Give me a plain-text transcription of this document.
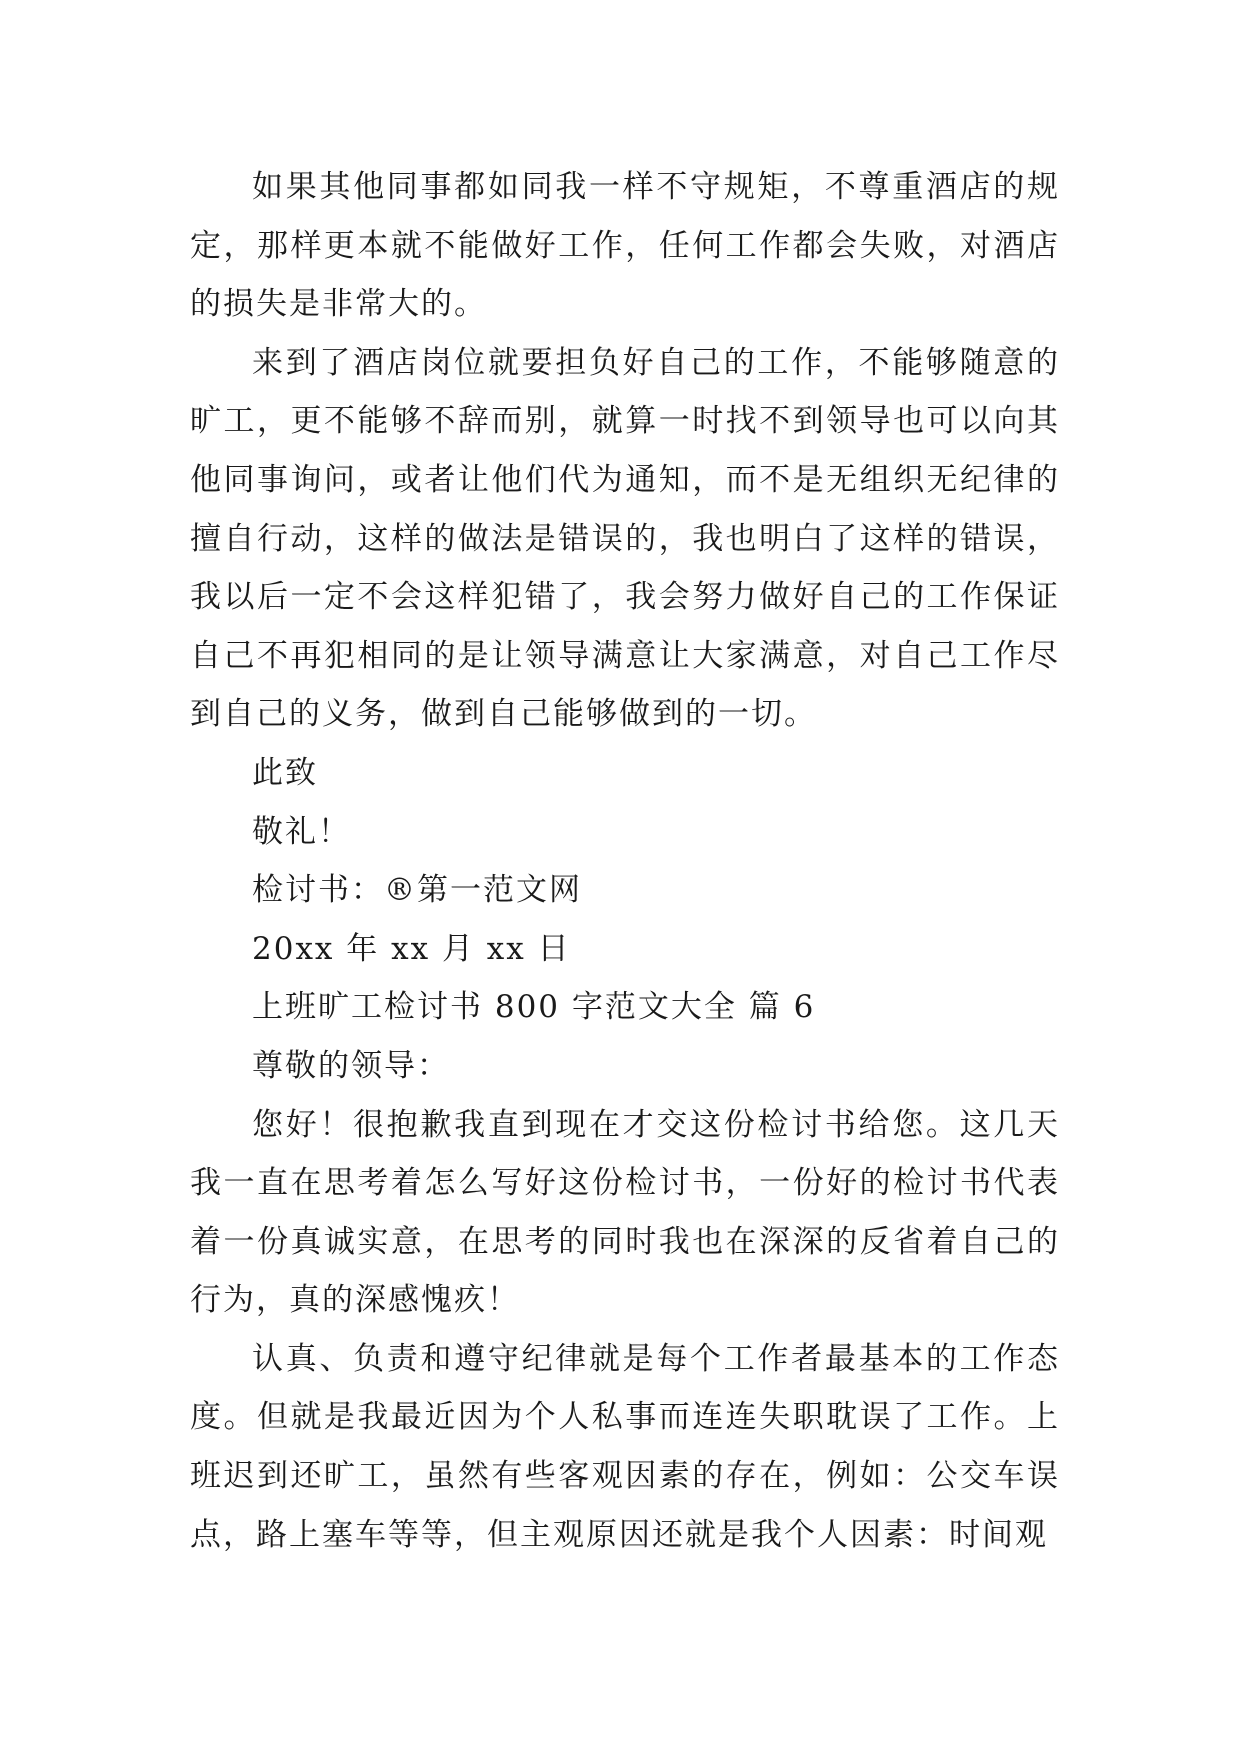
如果其他同事都如同我一样不守规矩，不尊重酒店的规定，那样更本就不能做好工作，任何工作都会失败，对酒店的损失是非常大的。

来到了酒店岗位就要担负好自己的工作，不能够随意的旷工，更不能够不辞而别，就算一时找不到领导也可以向其他同事询问，或者让他们代为通知，而不是无组织无纪律的擅自行动，这样的做法是错误的，我也明白了这样的错误，我以后一定不会这样犯错了，我会努力做好自己的工作保证自己不再犯相同的是让领导满意让大家满意，对自己工作尽到自己的义务，做到自己能够做到的一切。

此致

敬礼！

检讨书：®第一范文网

20xx 年 xx 月 xx 日

上班旷工检讨书 800 字范文大全 篇 6

尊敬的领导：

您好！很抱歉我直到现在才交这份检讨书给您。这几天我一直在思考着怎么写好这份检讨书，一份好的检讨书代表着一份真诚实意，在思考的同时我也在深深的反省着自己的行为，真的深感愧疚！

认真、负责和遵守纪律就是每个工作者最基本的工作态度。但就是我最近因为个人私事而连连失职耽误了工作。上班迟到还旷工，虽然有些客观因素的存在，例如：公交车误点，路上塞车等等，但主观原因还就是我个人因素：时间观
